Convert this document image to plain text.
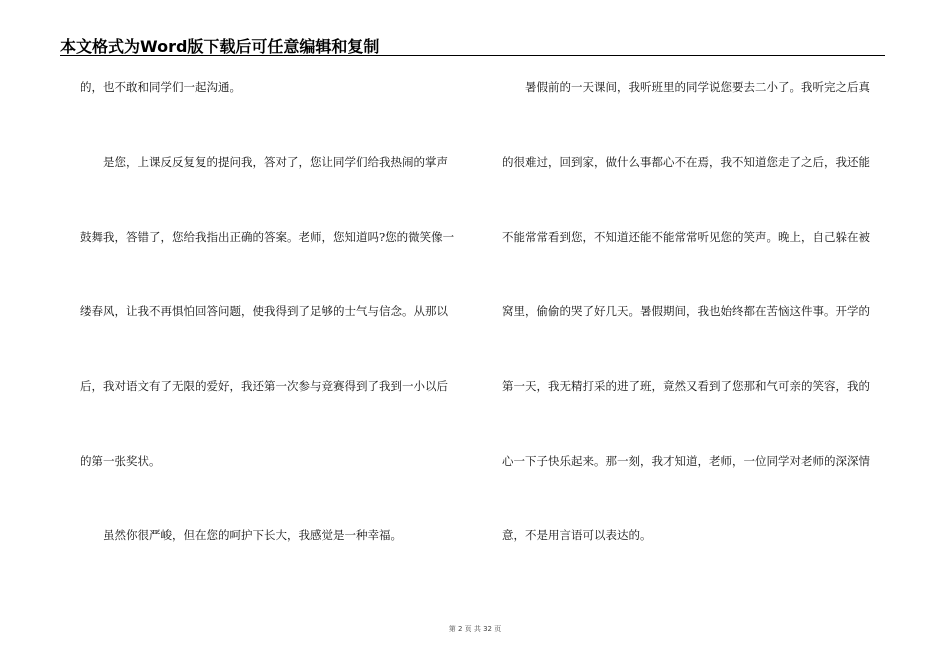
本文格式为Word版下载后可任意编辑和复制
的，也不敢和同学们一起沟通。
是您，上课反反复复的提问我，答对了，您让同学们给我热闹的掌声
鼓舞我，答错了，您给我指出正确的答案。老师，您知道吗?您的微笑像一
缕春风，让我不再惧怕回答问题，使我得到了足够的士气与信念。从那以
后，我对语文有了无限的爱好，我还第一次参与竞赛得到了我到一小以后
的第一张奖状。
虽然你很严峻，但在您的呵护下长大，我感觉是一种幸福。
暑假前的一天课间，我听班里的同学说您要去二小了。我听完之后真
的很难过，回到家，做什么事都心不在焉，我不知道您走了之后，我还能
不能常常看到您，不知道还能不能常常听见您的笑声。晚上，自己躲在被
窝里，偷偷的哭了好几天。暑假期间，我也始终都在苦恼这件事。开学的
第一天，我无精打采的进了班，竟然又看到了您那和气可亲的笑容，我的
心一下子快乐起来。那一刻，我才知道，老师，一位同学对老师的深深情
意，不是用言语可以表达的。
第 2 页 共 32 页
